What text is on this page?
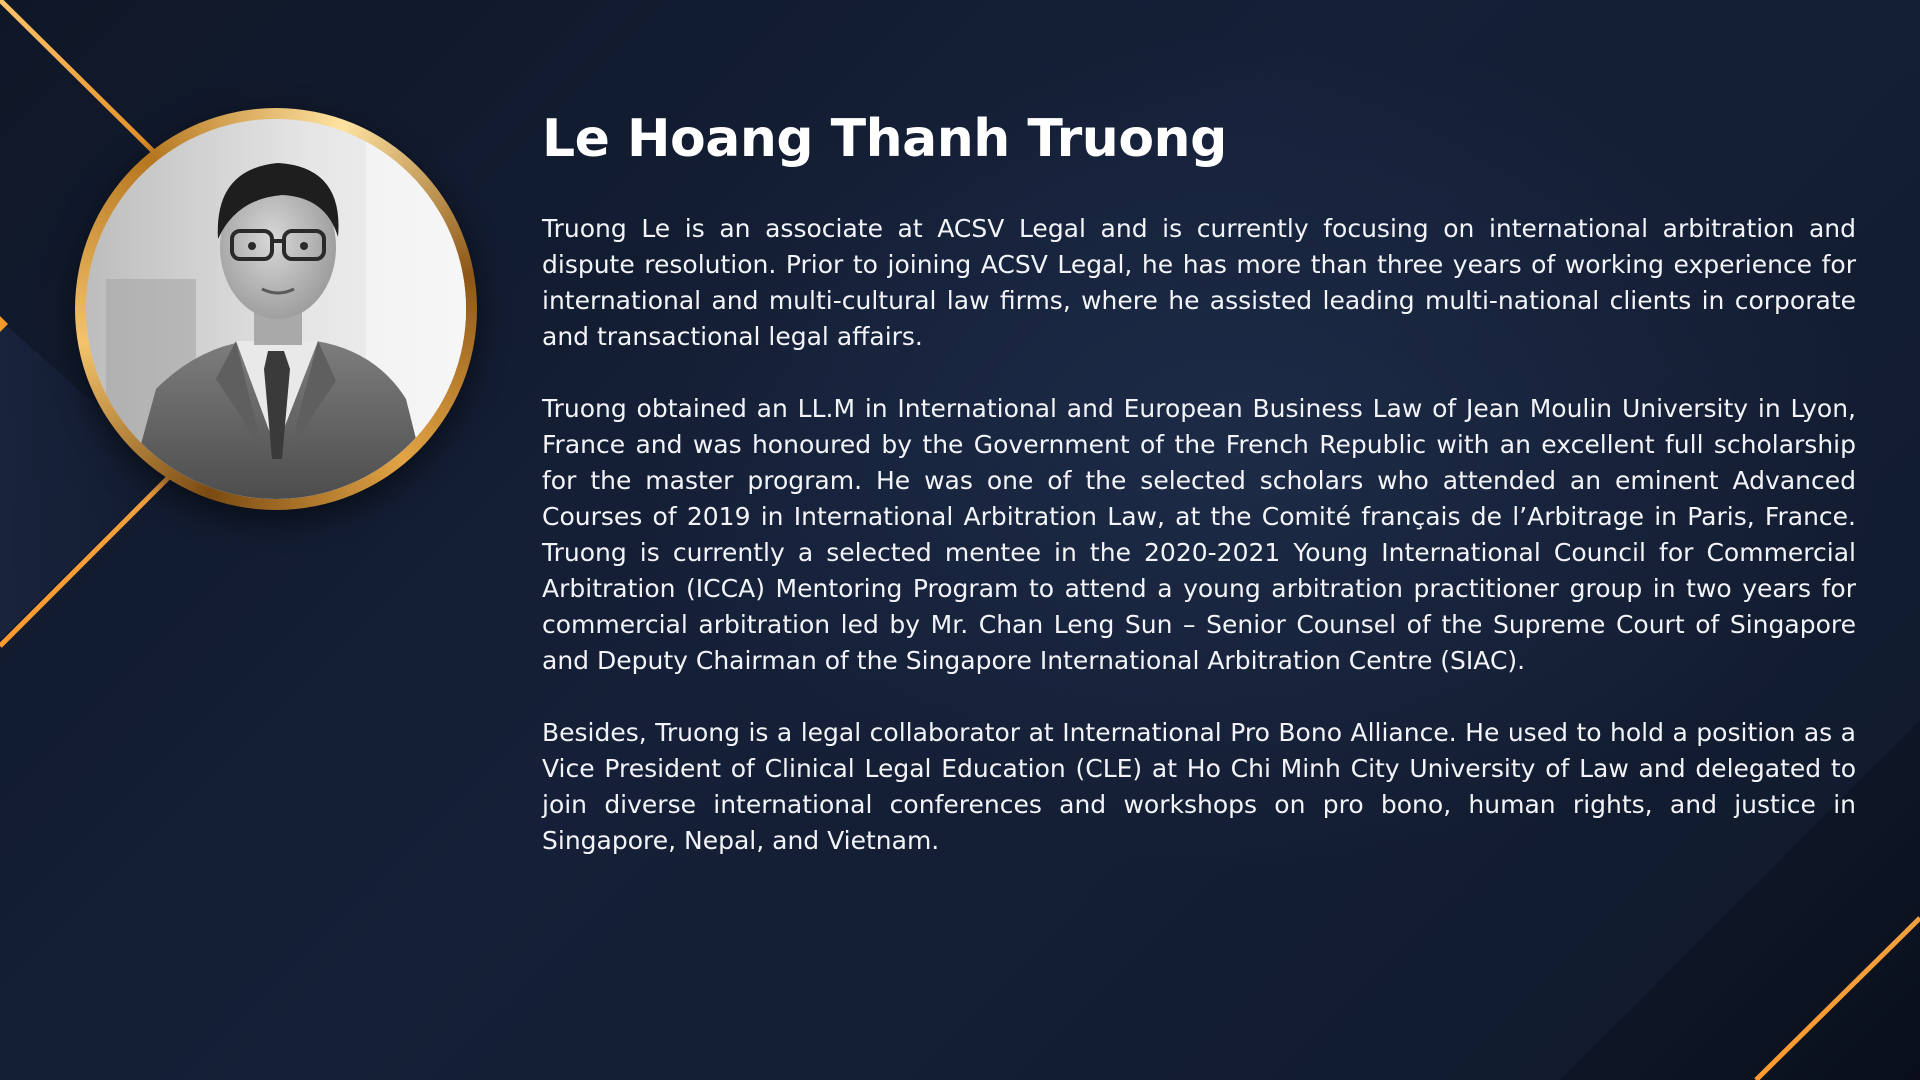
Le Hoang Thanh Truong

Truong Le is an associate at ACSV Legal and is currently focusing on international arbitration and dispute resolution. Prior to joining ACSV Legal, he has more than three years of working experience for international and multi-cultural law firms, where he assisted leading multi-national clients in corporate and transactional legal affairs.

Truong obtained an LL.M in International and European Business Law of Jean Moulin University in Lyon, France and was honoured by the Government of the French Republic with an excellent full scholarship for the master program. He was one of the selected scholars who attended an eminent Advanced Courses of 2019 in International Arbitration Law, at the Comité français de l’Arbitrage in Paris, France. Truong is currently a selected mentee in the 2020-2021 Young International Council for Commercial Arbitration (ICCA) Mentoring Program to attend a young arbitration practitioner group in two years for commercial arbitration led by Mr. Chan Leng Sun – Senior Counsel of the Supreme Court of Singapore and Deputy Chairman of the Singapore International Arbitration Centre (SIAC).

Besides, Truong is a legal collaborator at International Pro Bono Alliance. He used to hold a position as a Vice President of Clinical Legal Education (CLE) at Ho Chi Minh City University of Law and delegated to join diverse international conferences and workshops on pro bono, human rights, and justice in Singapore, Nepal, and Vietnam.
